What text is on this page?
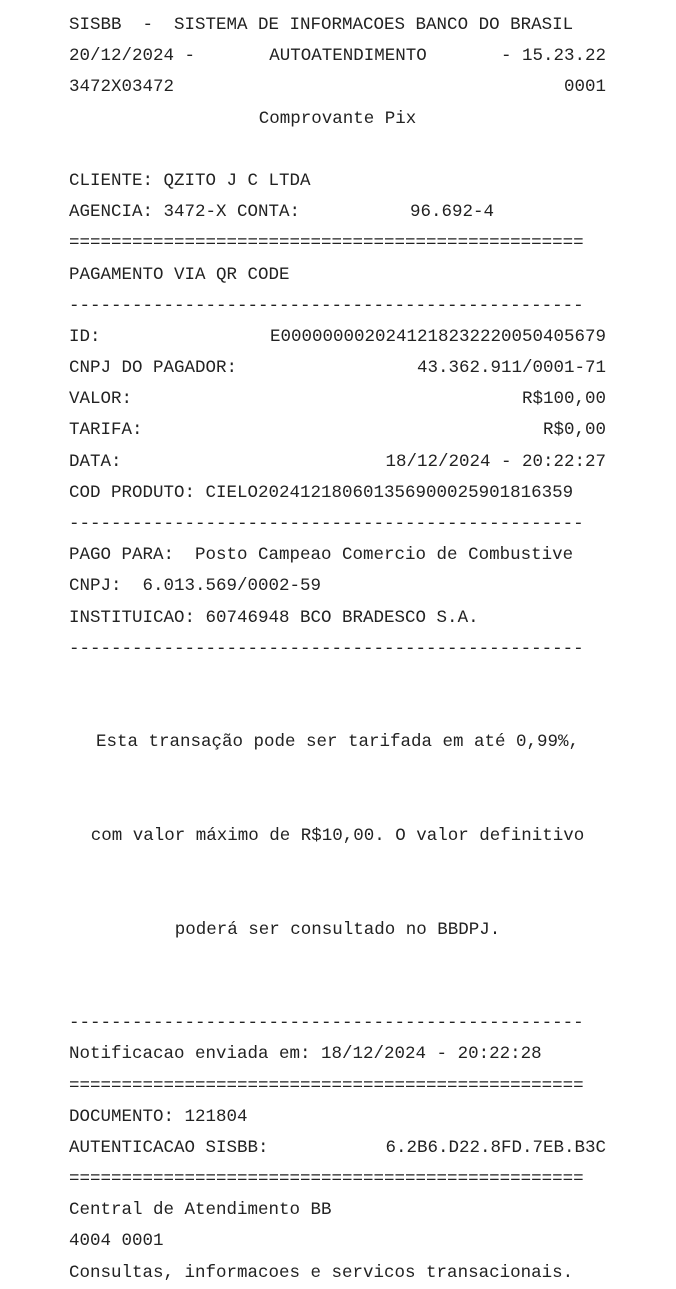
SISBB  -  SISTEMA DE INFORMACOES BANCO DO BRASIL
20/12/2024 -	AUTOATENDIMENTO	- 15.23.22
3472X03472	0001
Comprovante Pix
CLIENTE: QZITO J C LTDA
AGENCIA: 3472-X CONTA:	96.692-4
=================================================
PAGAMENTO VIA QR CODE
-------------------------------------------------
ID:	E00000000202412182322200504056​79
CNPJ DO PAGADOR:	43.362.911/0001-71
VALOR:	R$100,00
TARIFA:	R$0,00
DATA:	18/12/2024 - 20:22:27
COD PRODUTO: CIELO20241218060135690002590181635​9
-------------------------------------------------
PAGO PARA:  Posto Campeao Comercio de Combustive
CNPJ:  6.013.569/0002-59
INSTITUICAO: 60746948 BCO BRADESCO S.A.
-------------------------------------------------

Esta transação pode ser tarifada em até 0,99%,

com valor máximo de R$10,00. O valor definitivo

poderá ser consultado no BBDPJ.

-------------------------------------------------
Notificacao enviada em: 18/12/2024 - 20:22:28
=================================================
DOCUMENTO: 121804
AUTENTICACAO SISBB:	6.2B6.D22.8FD.7EB.B3C
=================================================
Central de Atendimento BB
4004 0001
Consultas, informacoes e servicos transacionais.
